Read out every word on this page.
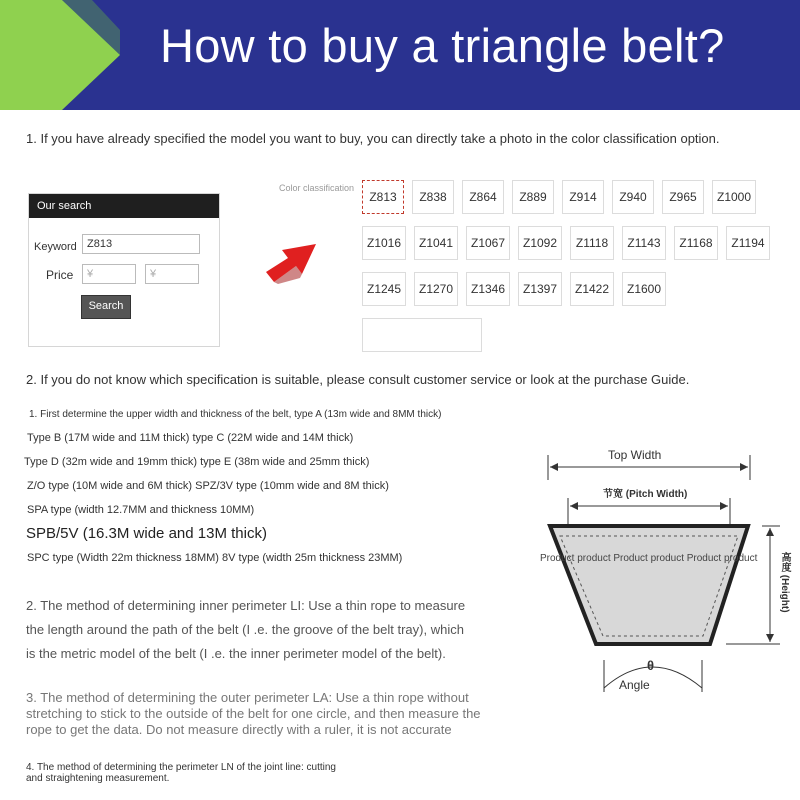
How to buy a triangle belt?
1. If you have already specified the model you want to buy, you can directly take a photo in the color classification option.
Our search
Keyword Z813
Price	¥	¥
Search
Color classification
Z813	Z838	Z864	Z889	Z914	Z940	Z965	Z1000
Z1016	Z1041	Z1067	Z1092	Z1118	Z1143	Z1168	Z1194
Z1245	Z1270	Z1346	Z1397	Z1422	Z1600
2. If you do not know which specification is suitable, please consult customer service or look at the purchase Guide.
1. First determine the upper width and thickness of the belt, type A (13m wide and 8MM thick)
Type B (17M wide and 11M thick) type C (22M wide and 14M thick)
Type D (32m wide and 19mm thick) type E (38m wide and 25mm thick)
Z/O type (10M wide and 6M thick) SPZ/3V type (10mm wide and 8M thick)
SPA type (width 12.7MM and thickness 10MM)
SPB/5V (16.3M wide and 13M thick)
SPC type (Width 22m thickness 18MM) 8V type (width 25m thickness 23MM)
2. The method of determining inner perimeter LI: Use a thin rope to measure
the length around the path of the belt (I .e. the groove of the belt tray), which
is the metric model of the belt (I .e. the inner perimeter model of the belt).
3. The method of determining the outer perimeter LA: Use a thin rope without
stretching to stick to the outside of the belt for one circle, and then measure the
rope to get the data. Do not measure directly with a ruler, it is not accurate
4. The method of determining the perimeter LN of the joint line: cutting
and straightening measurement.
Top Width
节宽 (Pitch Width)
Product product Product product Product product	高度 (Height)
θ
Angle
